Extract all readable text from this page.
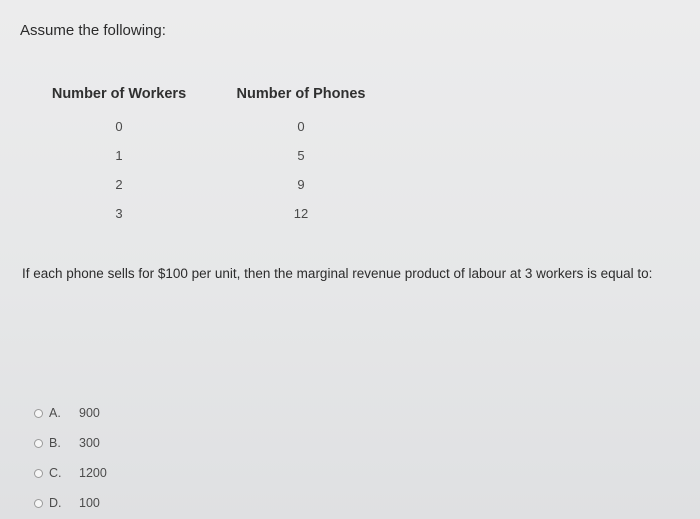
Assume the following:
Number of Workers	Number of Phones
0	0
1	5
2	9
3	12
If each phone sells for $100 per unit, then the marginal revenue product of labour at 3 workers is equal to:
A.	900
B.	300
C.	1200
D.	100
